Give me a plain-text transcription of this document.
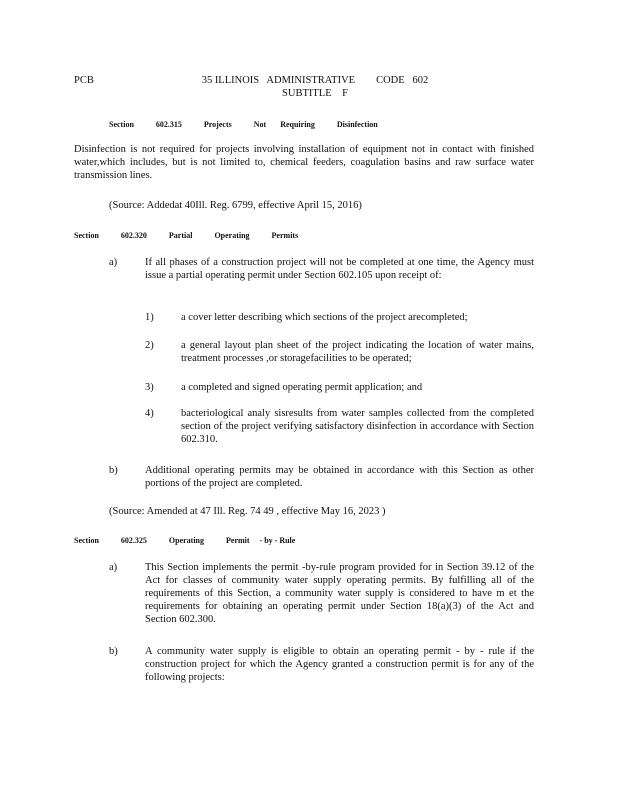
PCB	35 ILLINOIS   ADMINISTRATIVE        CODE   602
SUBTITLE    F
Section	602.315	Projects	Not Requiring	Disinfection
Disinfection is not required for projects involving installation of equipment not in contact with finished water,which includes, but is not limited to, chemical feeders, coagulation basins and raw surface water transmission lines.
(Source: Addedat 40Ill. Reg. 6799, effective April 15, 2016)
Section	602.320	Partial	Operating	Permits
a)	If all phases of a construction project will not be completed at one time, the Agency must issue a partial operating permit under Section 602.105 upon receipt of:
1)	a cover letter describing which sections of the project arecompleted;
2)	a general layout plan sheet of the project indicating the location of water mains, treatment processes ,or storagefacilities to be operated;
3)	a completed and signed operating permit application; and
4)	bacteriological analy sisresults from water samples collected from the completed section of the project verifying satisfactory disinfection in accordance with Section 602.310.
b)	Additional operating permits may be obtained in accordance with this Section as other portions of the project are completed.
(Source: Amended at 47 Ill. Reg. 74 49 , effective May 16, 2023 )
Section	602.325	Operating	Permit - by - Rule
a)	This Section implements the permit -by-rule program provided for in Section 39.12 of the Act for classes of community water supply operating permits. By fulfilling all of the requirements of this Section, a community water supply is considered to have m et the requirements for obtaining an operating permit under Section 18(a)(3) of the Act and Section 602.300.
b)	A community water supply is eligible to obtain an operating permit - by - rule if the construction project for which the Agency granted a construction permit is for any of the following projects:
